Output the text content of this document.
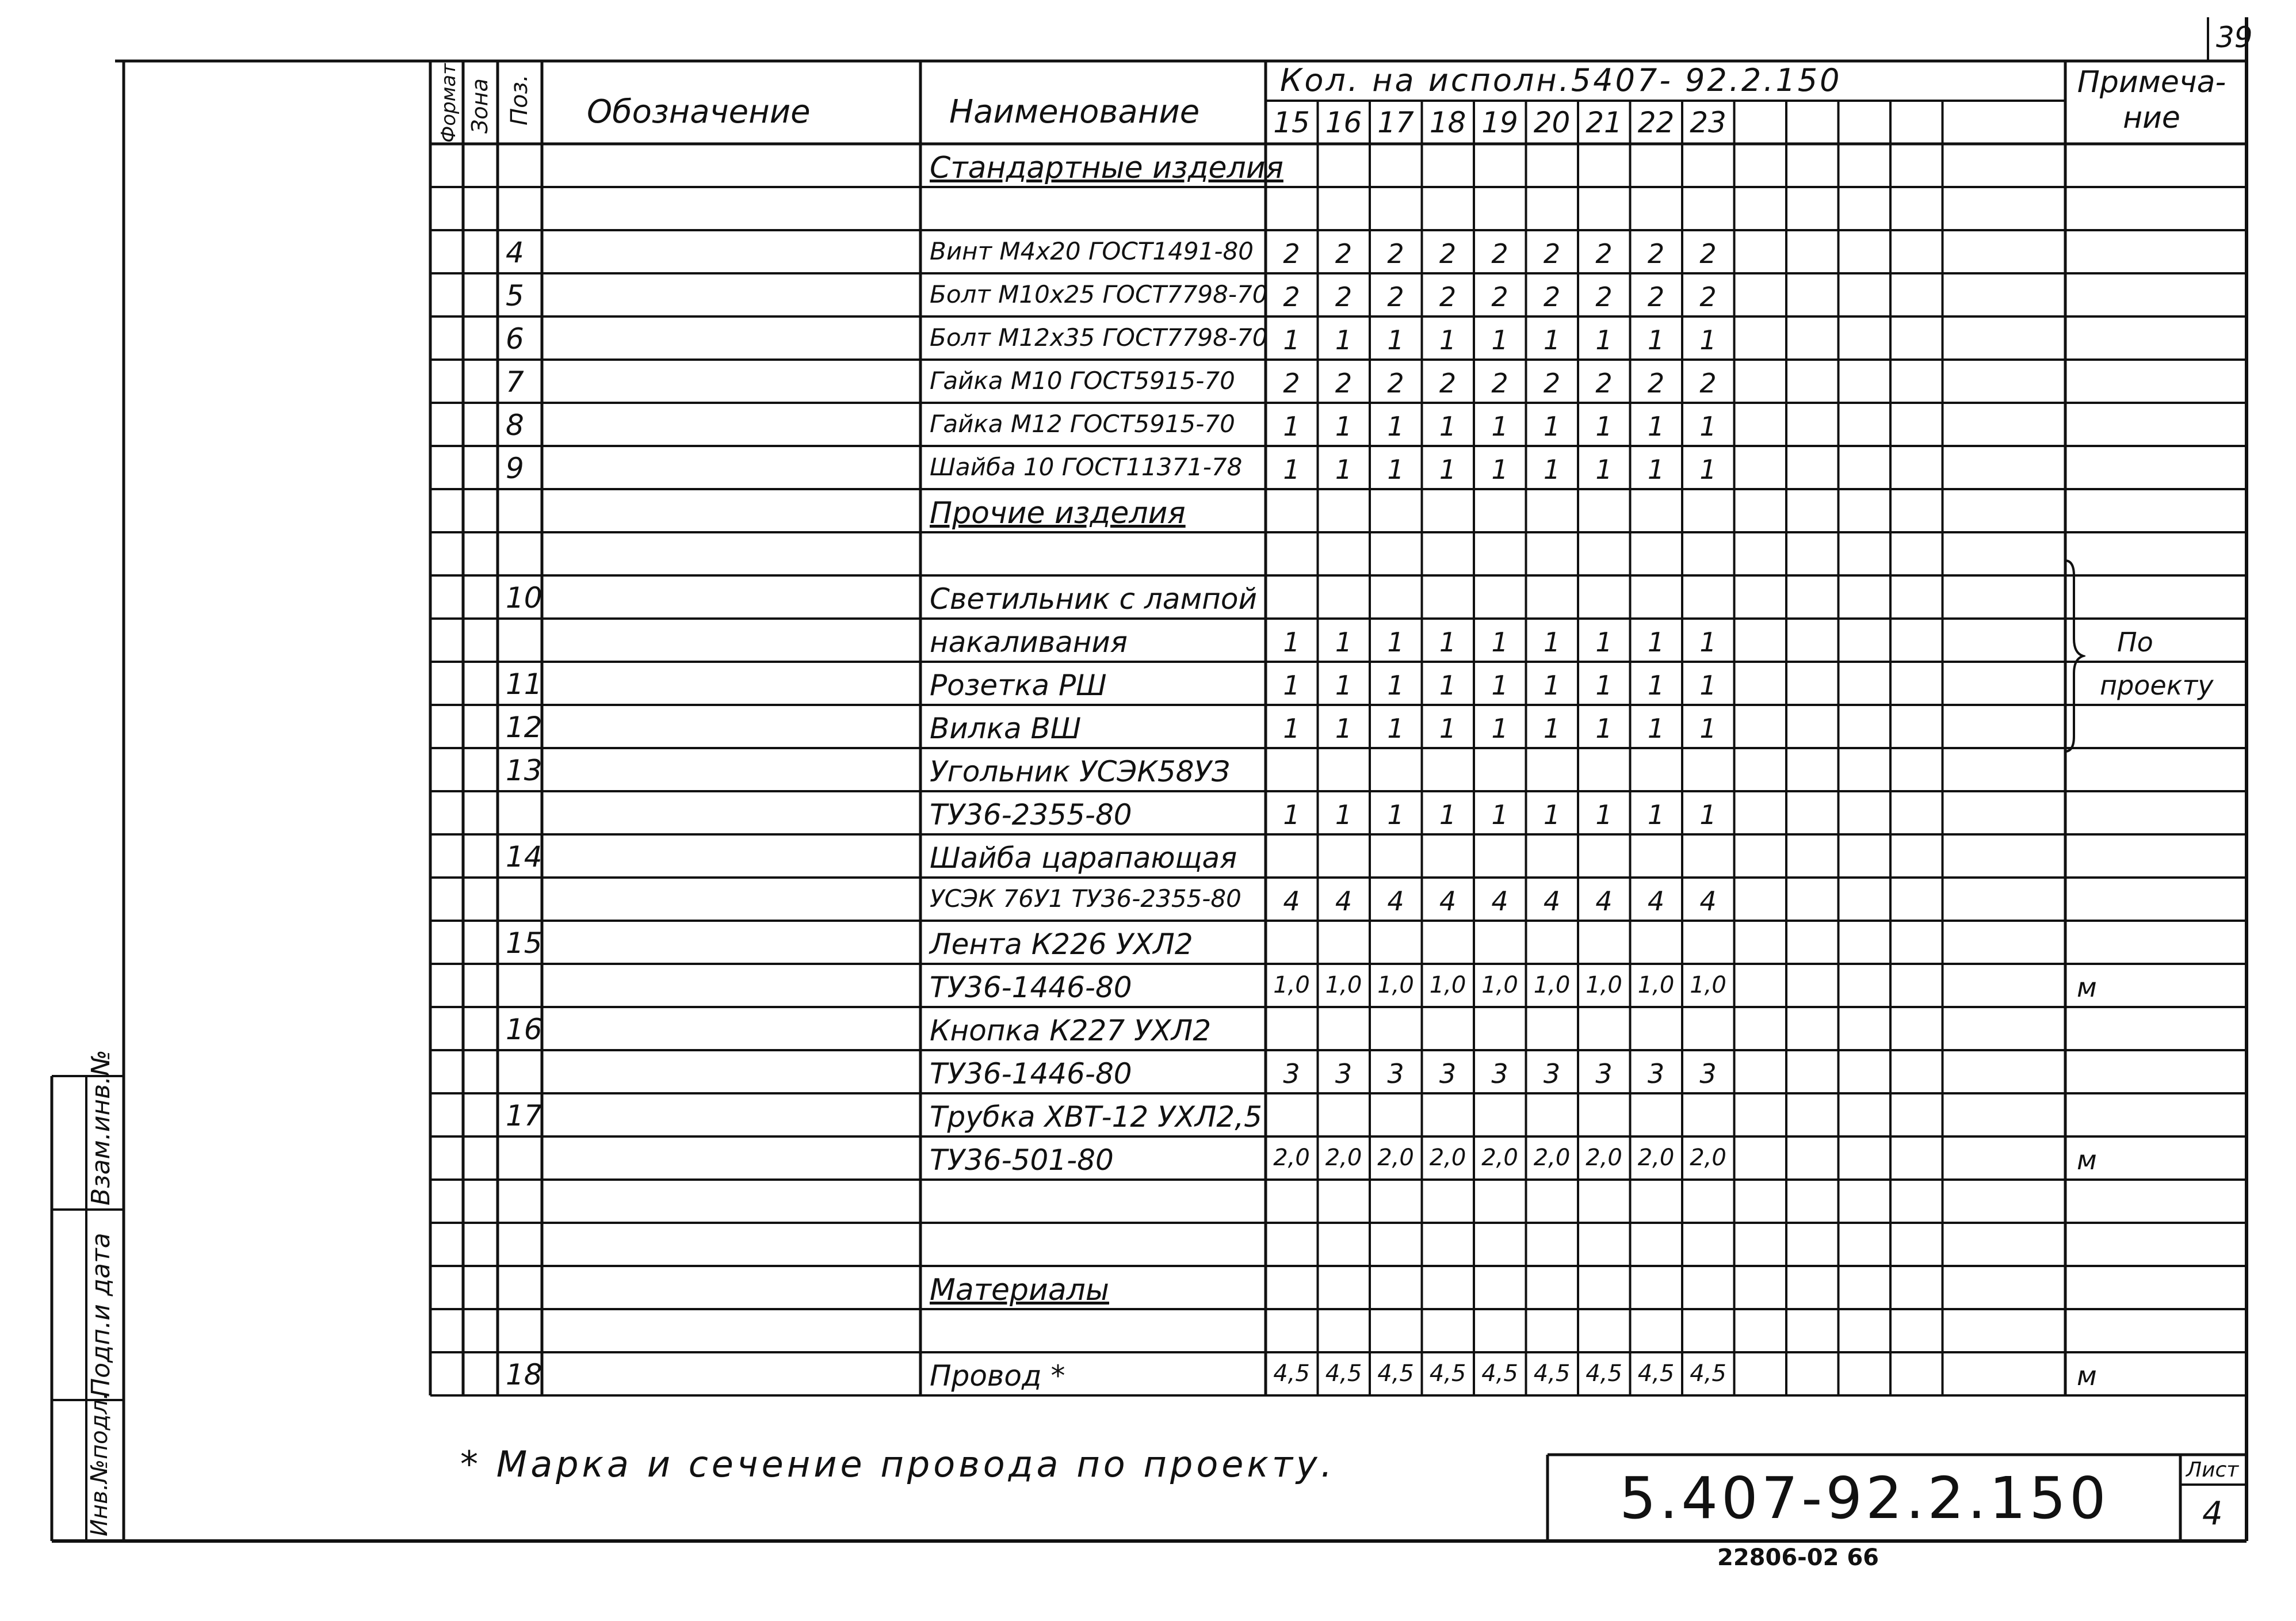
39
Формат Зона Поз. Обозначение	Наименование
Кол. на исполн.5407- 92.2.150
15 16 17 18 19 20 21 22 23
Примеча-ние
Стандартные изделия
4	Винт М4х20 ГОСТ1491-80	2	2	2	2	2	2	2	2	2
5	Болт М10х25 ГОСТ7798-70 2	2	2	2	2	2	2	2	2
6	Болт М12х35 ГОСТ7798-70 1	1	1	1	1	1	1	1	1
7	Гайка М10 ГОСТ5915-70	2	2	2	2	2	2	2	2	2
8	Гайка М12 ГОСТ5915-70	1	1	1	1	1	1	1	1	1
9	Шайба 10 ГОСТ11371-78	1	1	1	1	1	1	1	1	1
Прочие изделия
10	Светильник с лампой
накаливания	1	1	1	1	1	1	1	1	1	По
11	Розетка РШ	1	1	1	1	1	1	1	1	1	проекту
12	Вилка ВШ	1	1	1	1	1	1	1	1	1
13	Угольник УСЭК58УЗ
ТУ36-2355-80	1	1	1	1	1	1	1	1	1
14	Шайба царапающая
УСЭК 76У1 ТУ36-2355-80	4	4	4	4	4	4	4	4	4
15	Лента К226 УХЛ2
ТУ36-1446-80	1,0 1,0 1,0 1,0 1,0 1,0 1,0 1,0 1,0	м
16	Кнопка К227 УХЛ2
ТУ36-1446-80	3	3	3	3	3	3	3	3	3
17	Трубка ХВТ-12 УХЛ2,5
ТУ36-501-80	2,0 2,0 2,0 2,0 2,0 2,0 2,0 2,0 2,0	м
Материалы
18	Провод *	4,5 4,5 4,5 4,5 4,5 4,5 4,5 4,5 4,5	м
* Марка и сечение провода по проекту.
5.407-92.2.150	Лист
4
22806-02 66
Взам.инв.№
Подп.и дата
Инв.№подл.
